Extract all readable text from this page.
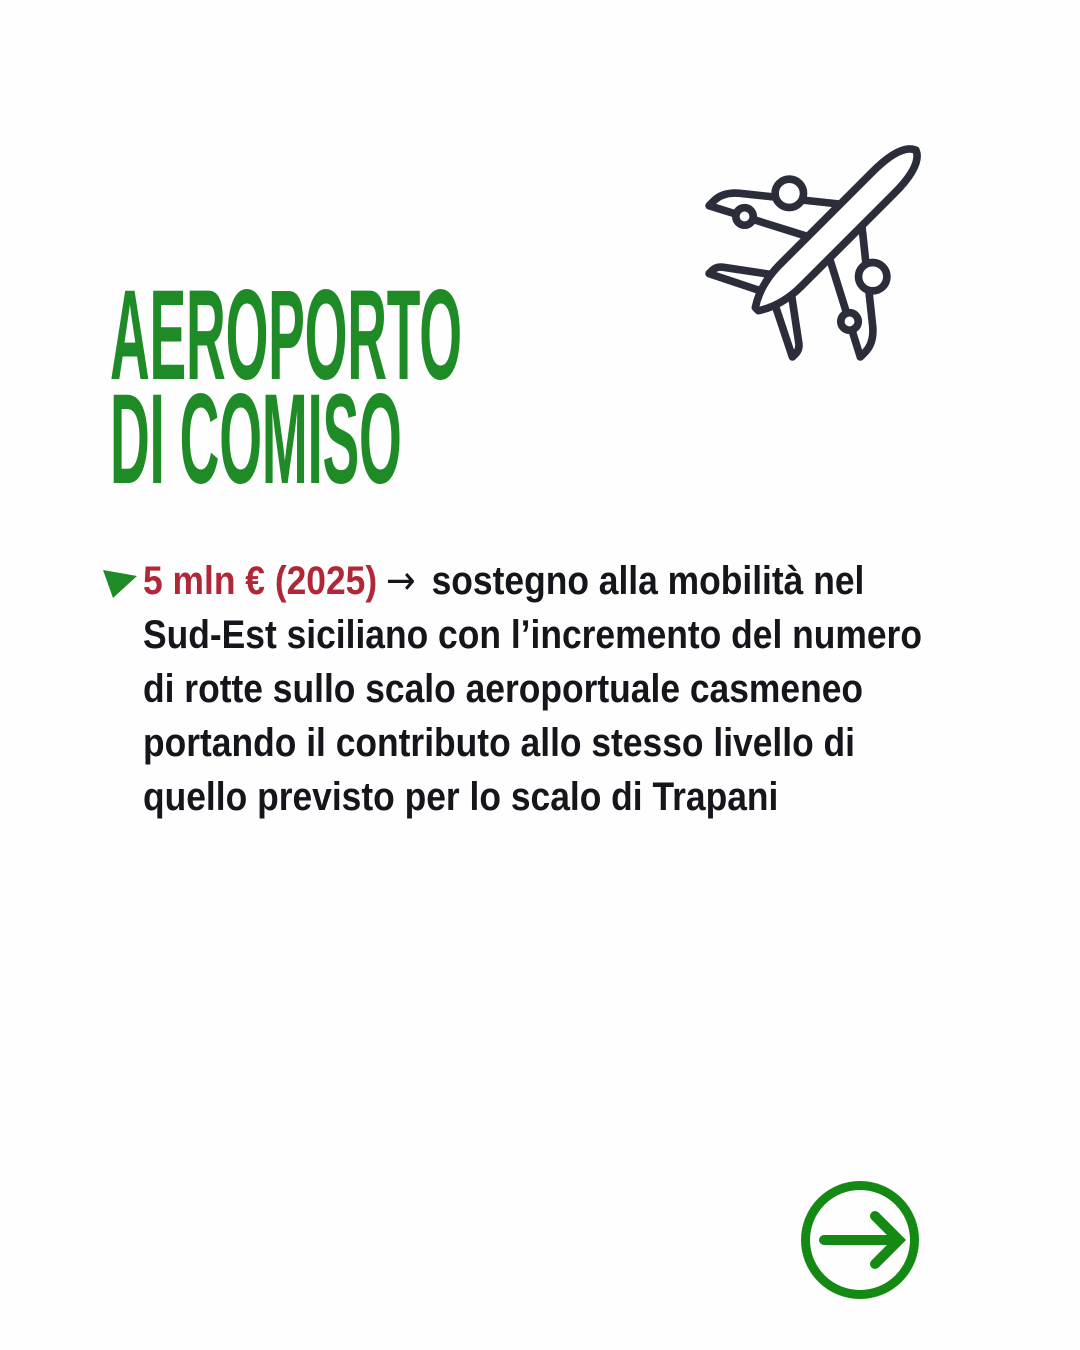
AEROPORTO
DI COMISO
5 mln € (2025) → sostegno alla mobilità nel
Sud-Est siciliano con l’incremento del numero
di rotte sullo scalo aeroportuale casmeneo
portando il contributo allo stesso livello di
quello previsto per lo scalo di Trapani
